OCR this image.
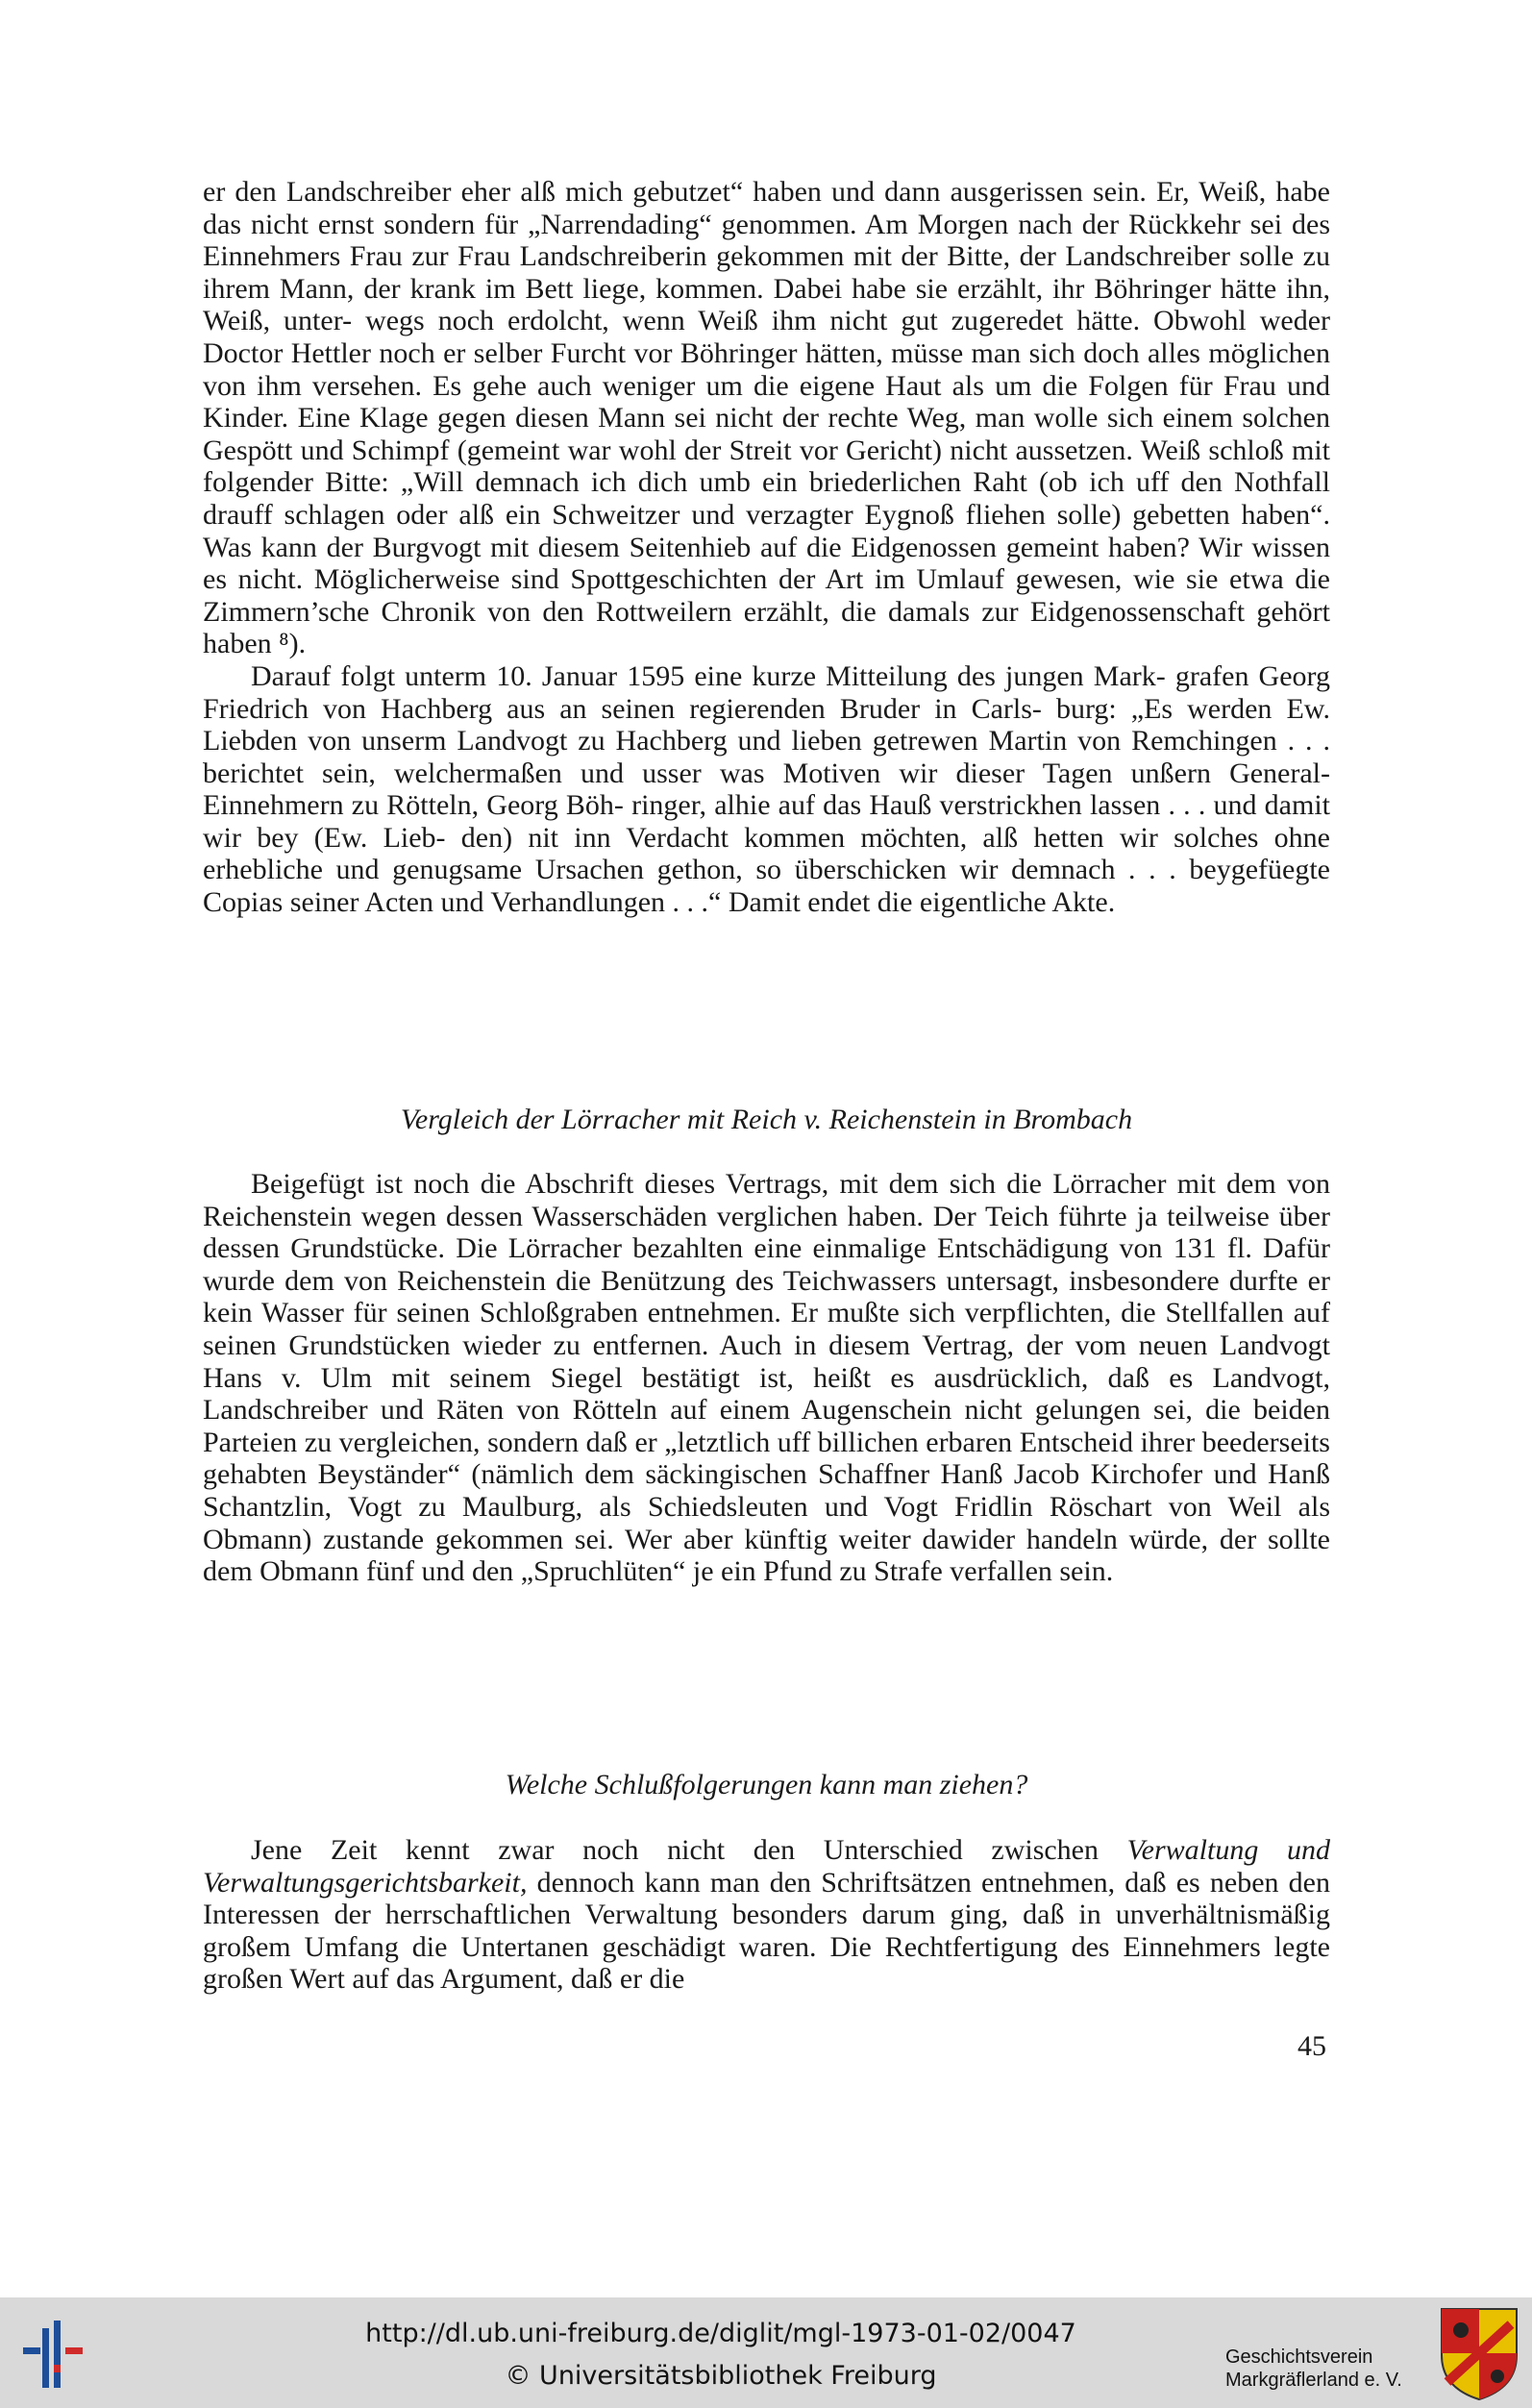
er den Landschreiber eher alß mich gebutzet“ haben und dann ausgerissen sein. Er, Weiß, habe das nicht ernst sondern für „Narrendading“ genommen. Am Morgen nach der Rückkehr sei des Einnehmers Frau zur Frau Landschreiberin gekommen mit der Bitte, der Landschreiber solle zu ihrem Mann, der krank im Bett liege, kommen. Dabei habe sie erzählt, ihr Böhringer hätte ihn, Weiß, unter- wegs noch erdolcht, wenn Weiß ihm nicht gut zugeredet hätte. Obwohl weder Doctor Hettler noch er selber Furcht vor Böhringer hätten, müsse man sich doch alles möglichen von ihm versehen. Es gehe auch weniger um die eigene Haut als um die Folgen für Frau und Kinder. Eine Klage gegen diesen Mann sei nicht der rechte Weg, man wolle sich einem solchen Gespött und Schimpf (gemeint war wohl der Streit vor Gericht) nicht aussetzen. Weiß schloß mit folgender Bitte: „Will demnach ich dich umb ein briederlichen Raht (ob ich uff den Nothfall drauff schlagen oder alß ein Schweitzer und verzagter Eygnoß fliehen solle) gebetten haben“. Was kann der Burgvogt mit diesem Seitenhieb auf die Eidgenossen gemeint haben? Wir wissen es nicht. Möglicherweise sind Spottgeschichten der Art im Umlauf gewesen, wie sie etwa die Zimmern’sche Chronik von den Rottweilern erzählt, die damals zur Eidgenossenschaft gehört haben ⁸).

Darauf folgt unterm 10. Januar 1595 eine kurze Mitteilung des jungen Mark- grafen Georg Friedrich von Hachberg aus an seinen regierenden Bruder in Carls- burg: „Es werden Ew. Liebden von unserm Landvogt zu Hachberg und lieben getrewen Martin von Remchingen . . . berichtet sein, welchermaßen und usser was Motiven wir dieser Tagen unßern General-Einnehmern zu Rötteln, Georg Böh- ringer, alhie auf das Hauß verstrickhen lassen . . . und damit wir bey (Ew. Lieb- den) nit inn Verdacht kommen möchten, alß hetten wir solches ohne erhebliche und genugsame Ursachen gethon, so überschicken wir demnach . . . beygefüegte Copias seiner Acten und Verhandlungen . . .“ Damit endet die eigentliche Akte.

Vergleich der Lörracher mit Reich v. Reichenstein in Brombach

Beigefügt ist noch die Abschrift dieses Vertrags, mit dem sich die Lörracher mit dem von Reichenstein wegen dessen Wasserschäden verglichen haben. Der Teich führte ja teilweise über dessen Grundstücke. Die Lörracher bezahlten eine einmalige Entschädigung von 131 fl. Dafür wurde dem von Reichenstein die Benützung des Teichwassers untersagt, insbesondere durfte er kein Wasser für seinen Schloßgraben entnehmen. Er mußte sich verpflichten, die Stellfallen auf seinen Grundstücken wieder zu entfernen. Auch in diesem Vertrag, der vom neuen Landvogt Hans v. Ulm mit seinem Siegel bestätigt ist, heißt es ausdrücklich, daß es Landvogt, Landschreiber und Räten von Rötteln auf einem Augenschein nicht gelungen sei, die beiden Parteien zu vergleichen, sondern daß er „letztlich uff billichen erbaren Entscheid ihrer beederseits gehabten Beyständer“ (nämlich dem säckingischen Schaffner Hanß Jacob Kirchofer und Hanß Schantzlin, Vogt zu Maulburg, als Schiedsleuten und Vogt Fridlin Röschart von Weil als Obmann) zustande gekommen sei. Wer aber künftig weiter dawider handeln würde, der sollte dem Obmann fünf und den „Spruchlüten“ je ein Pfund zu Strafe verfallen sein.

Welche Schlußfolgerungen kann man ziehen?

Jene Zeit kennt zwar noch nicht den Unterschied zwischen Verwaltung und Verwaltungsgerichtsbarkeit, dennoch kann man den Schriftsätzen entnehmen, daß es neben den Interessen der herrschaftlichen Verwaltung besonders darum ging, daß in unverhältnismäßig großem Umfang die Untertanen geschädigt waren. Die Rechtfertigung des Einnehmers legte großen Wert auf das Argument, daß er die

45
http://dl.ub.uni-freiburg.de/diglit/mgl-1973-01-02/0047
© Universitätsbibliothek Freiburg
Geschichtsverein
Markgräflerland e. V.
